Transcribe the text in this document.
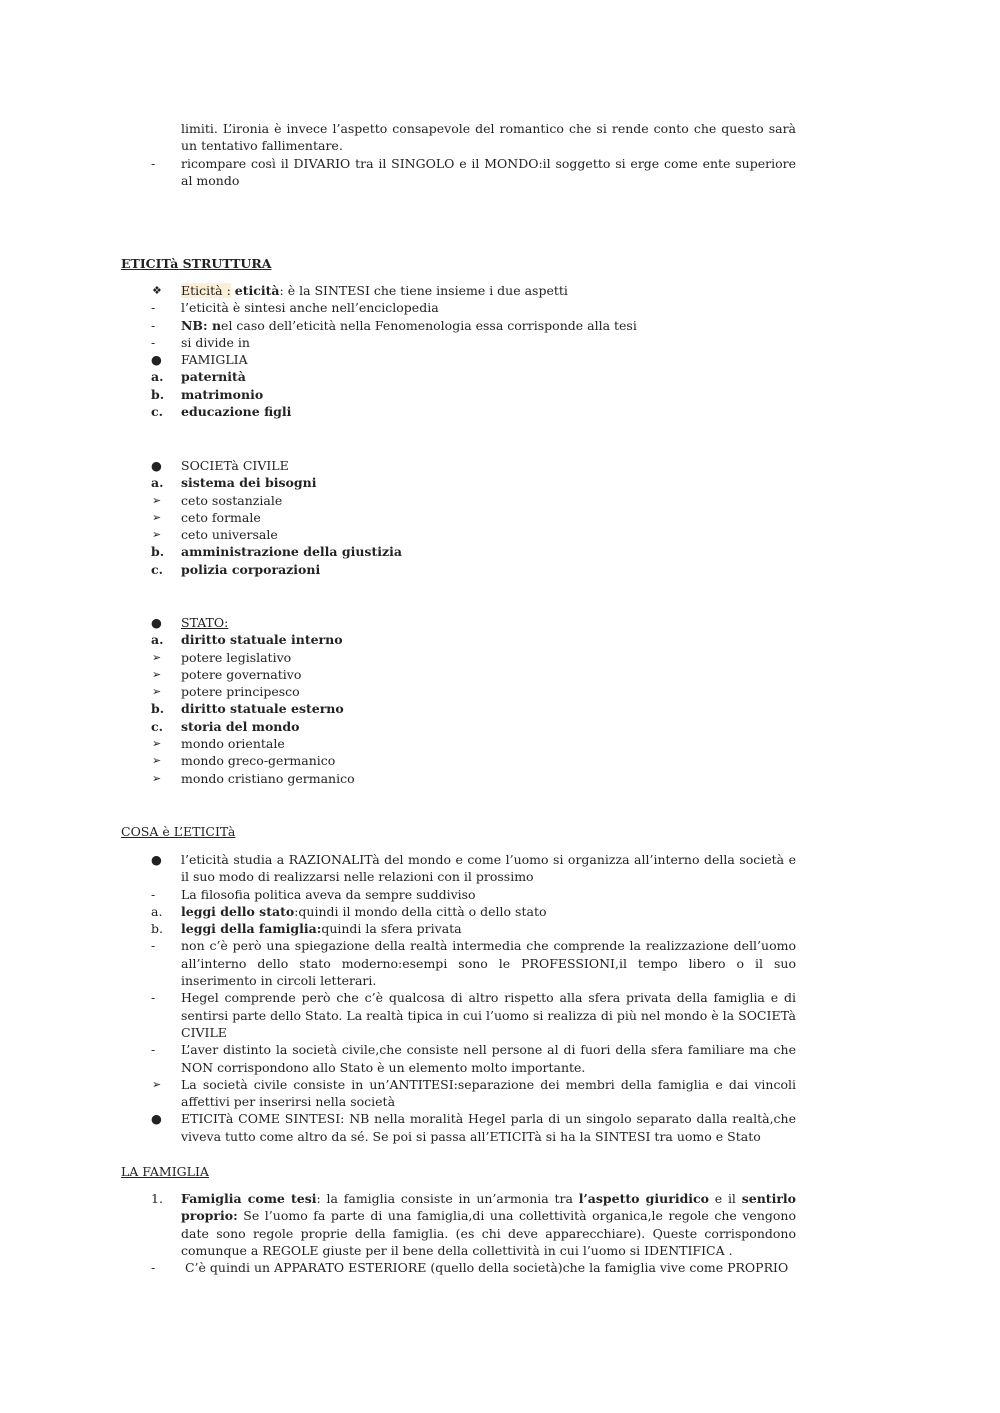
limiti. L’ironia è invece l’aspetto consapevole del romantico che si rende conto che questo sarà un tentativo fallimentare.
- ricompare così il DIVARIO tra il SINGOLO e il MONDO:il soggetto si erge come ente superiore al mondo
ETICITà STRUTTURA
❖ Eticità : eticità: è la SINTESI che tiene insieme i due aspetti
- l’eticità è sintesi anche nell’enciclopedia
- NB: nel caso dell’eticità nella Fenomenologia essa corrisponde alla tesi
- si divide in
● FAMIGLIA
a. paternità
b. matrimonio
c. educazione figli
● SOCIETà CIVILE
a. sistema dei bisogni
➢ ceto sostanziale
➢ ceto formale
➢ ceto universale
b. amministrazione della giustizia
c. polizia corporazioni
● STATO:
a. diritto statuale interno
➢ potere legislativo
➢ potere governativo
➢ potere principesco
b. diritto statuale esterno
c. storia del mondo
➢ mondo orientale
➢ mondo greco-germanico
➢ mondo cristiano germanico
COSA è L’ETICITà
● l’eticità studia a RAZIONALITà del mondo e come l’uomo si organizza all’interno della società e il suo modo di realizzarsi nelle relazioni con il prossimo
- La filosofia politica aveva da sempre suddiviso
a. leggi dello stato:quindi il mondo della città o dello stato
b. leggi della famiglia:quindi la sfera privata
- non c’è però una spiegazione della realtà intermedia che comprende la realizzazione dell’uomo all’interno dello stato moderno:esempi sono le PROFESSIONI,il tempo libero o il suo inserimento in circoli letterari.
- Hegel comprende però che c’è qualcosa di altro rispetto alla sfera privata della famiglia e di sentirsi parte dello Stato. La realtà tipica in cui l’uomo si realizza di più nel mondo è la SOCIETà CIVILE
- L’aver distinto la società civile,che consiste nell persone al di fuori della sfera familiare ma che NON corrispondono allo Stato è un elemento molto importante.
➢ La società civile consiste in un’ANTITESI:separazione dei membri della famiglia e dai vincoli affettivi per inserirsi nella società
● ETICITà COME SINTESI: NB nella moralità Hegel parla di un singolo separato dalla realtà,che viveva tutto come altro da sé. Se poi si passa all’ETICITà si ha la SINTESI tra uomo e Stato
LA FAMIGLIA
1. Famiglia come tesi: la famiglia consiste in un’armonia tra l’aspetto giuridico e il sentirlo proprio: Se l’uomo fa parte di una famiglia,di una collettività organica,le regole che vengono date sono regole proprie della famiglia. (es chi deve apparecchiare). Queste corrispondono comunque a REGOLE giuste per il bene della collettività in cui l’uomo si IDENTIFICA .
- C’è quindi un APPARATO ESTERIORE (quello della società)che la famiglia vive come PROPRIO
